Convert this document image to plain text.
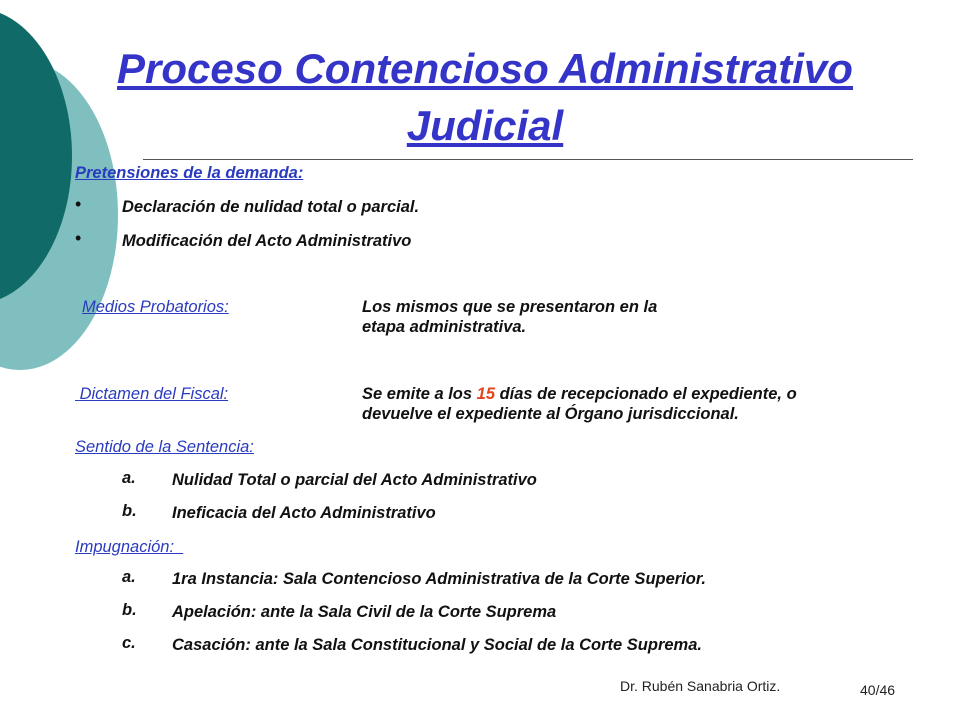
Proceso Contencioso Administrativo Judicial
Pretensiones de la demanda:
• Declaración de nulidad total o parcial.
• Modificación del Acto Administrativo
Medios Probatorios:	Los mismos que se presentaron en la
etapa administrativa.
Dictamen del Fiscal:	Se emite a los 15 días de recepcionado el expediente, o
devuelve el expediente al Órgano jurisdiccional.
Sentido de la Sentencia:
a. Nulidad Total o parcial del Acto Administrativo
b. Ineficacia del Acto Administrativo
Impugnación:
a. 1ra Instancia: Sala Contencioso Administrativa de la Corte Superior.
b. Apelación: ante la Sala Civil de la Corte Suprema
c. Casación: ante la Sala Constitucional y Social de la Corte Suprema.
Dr. Rubén Sanabria Ortiz.	40/46
